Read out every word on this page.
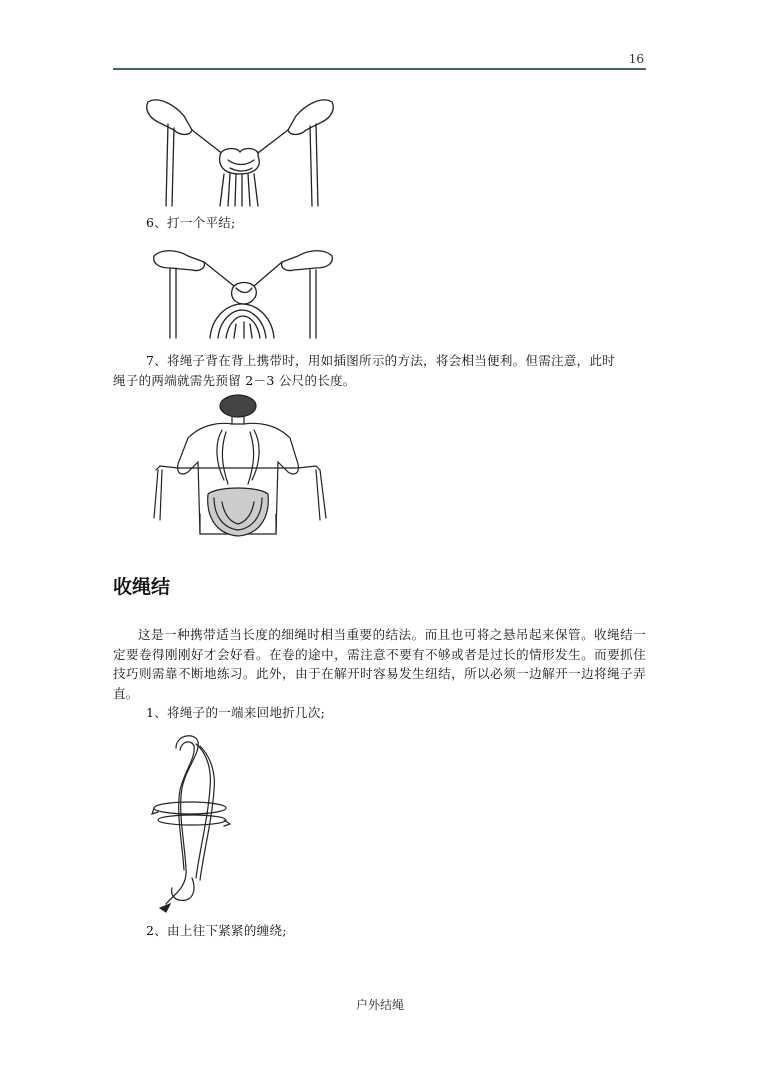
16
6、打一个平结;
7、将绳子背在背上携带时，用如插图所示的方法，将会相当便利。但需注意，此时
绳子的两端就需先预留 2－3 公尺的长度。
收绳结

这是一种携带适当长度的细绳时相当重要的结法。而且也可将之悬吊起来保管。收绳结一定要卷得刚刚好才会好看。在卷的途中，需注意不要有不够或者是过长的情形发生。而要抓住技巧则需靠不断地练习。此外，由于在解开时容易发生纽结，所以必须一边解开一边将绳子弄直。

1、将绳子的一端来回地折几次;
2、由上往下紧紧的缠绕;
户外结绳
